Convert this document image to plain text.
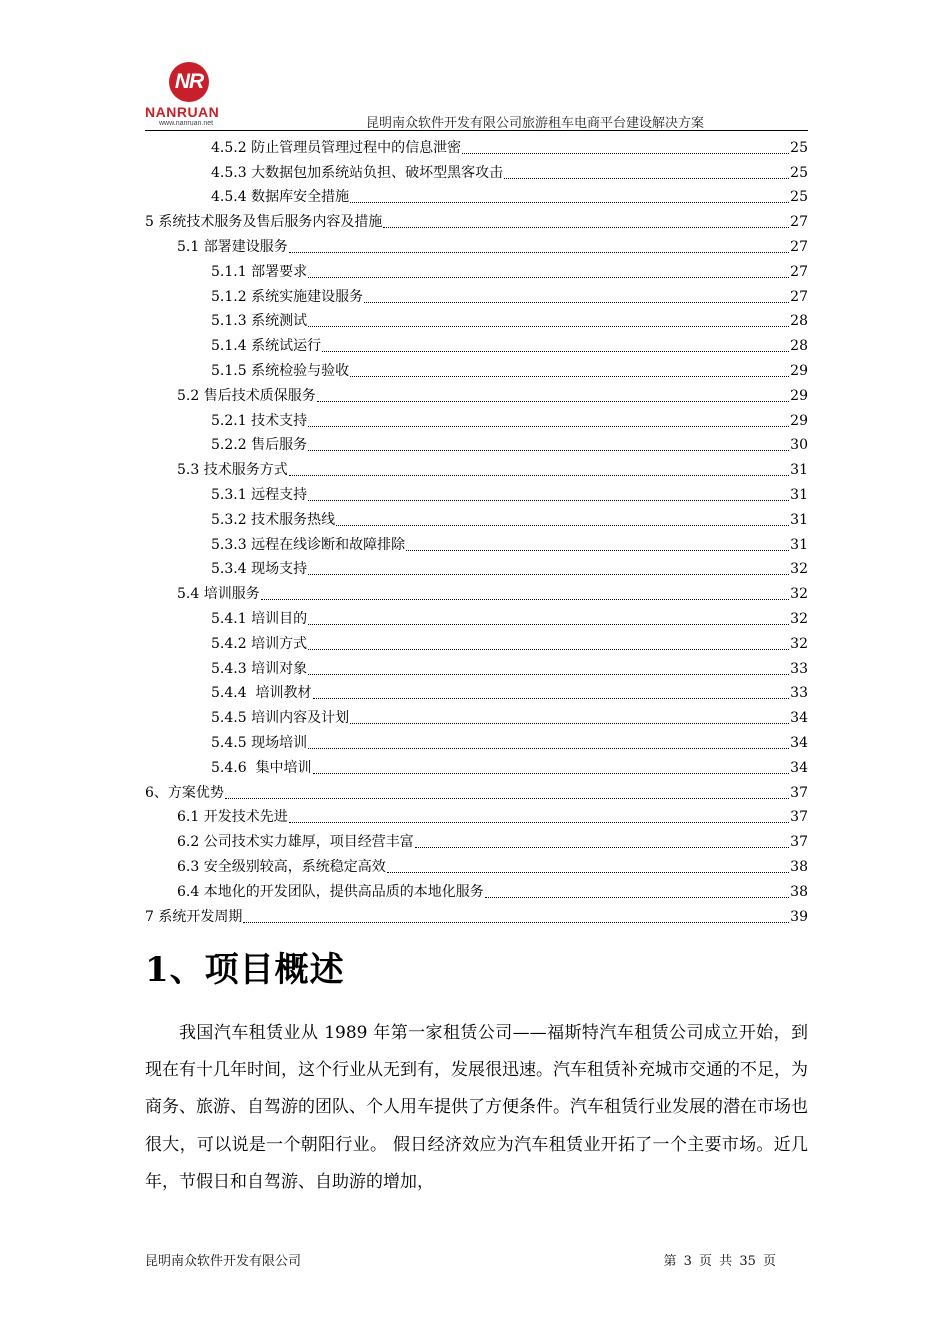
NR
NANRUAN
www.nanruan.net	昆明南众软件开发有限公司旅游租车电商平台建设解决方案
4.5.2 防止管理员管理过程中的信息泄密	25
4.5.3 大数据包加系统站负担、破坏型黑客攻击	25
4.5.4 数据库安全措施	25
5 系统技术服务及售后服务内容及措施	27
5.1 部署建设服务	27
5.1.1 部署要求	27
5.1.2 系统实施建设服务	27
5.1.3 系统测试	28
5.1.4 系统试运行	28
5.1.5 系统检验与验收	29
5.2 售后技术质保服务	29
5.2.1 技术支持	29
5.2.2 售后服务	30
5.3 技术服务方式	31
5.3.1 远程支持	31
5.3.2 技术服务热线	31
5.3.3 远程在线诊断和故障排除	31
5.3.4 现场支持	32
5.4 培训服务	32
5.4.1 培训目的	32
5.4.2 培训方式	32
5.4.3 培训对象	33
5.4.4  培训教材	33
5.4.5 培训内容及计划	34
5.4.5 现场培训	34
5.4.6  集中培训	34
6、方案优势	37
6.1 开发技术先进	37
6.2 公司技术实力雄厚，项目经营丰富	37
6.3 安全级别较高，系统稳定高效	38
6.4 本地化的开发团队，提供高品质的本地化服务	38
7 系统开发周期	39
1、项目概述
我国汽车租赁业从 1989 年第一家租赁公司——福斯特汽车租赁公司成立开始，到现在有十几年时间，这个行业从无到有，发展很迅速。汽车租赁补充城市交通的不足，为商务、旅游、自驾游的团队、个人用车提供了方便条件。汽车租赁行业发展的潜在市场也很大，可以说是一个朝阳行业。 假日经济效应为汽车租赁业开拓了一个主要市场。近几年，节假日和自驾游、自助游的增加，
昆明南众软件开发有限公司	第 3 页 共 35 页
